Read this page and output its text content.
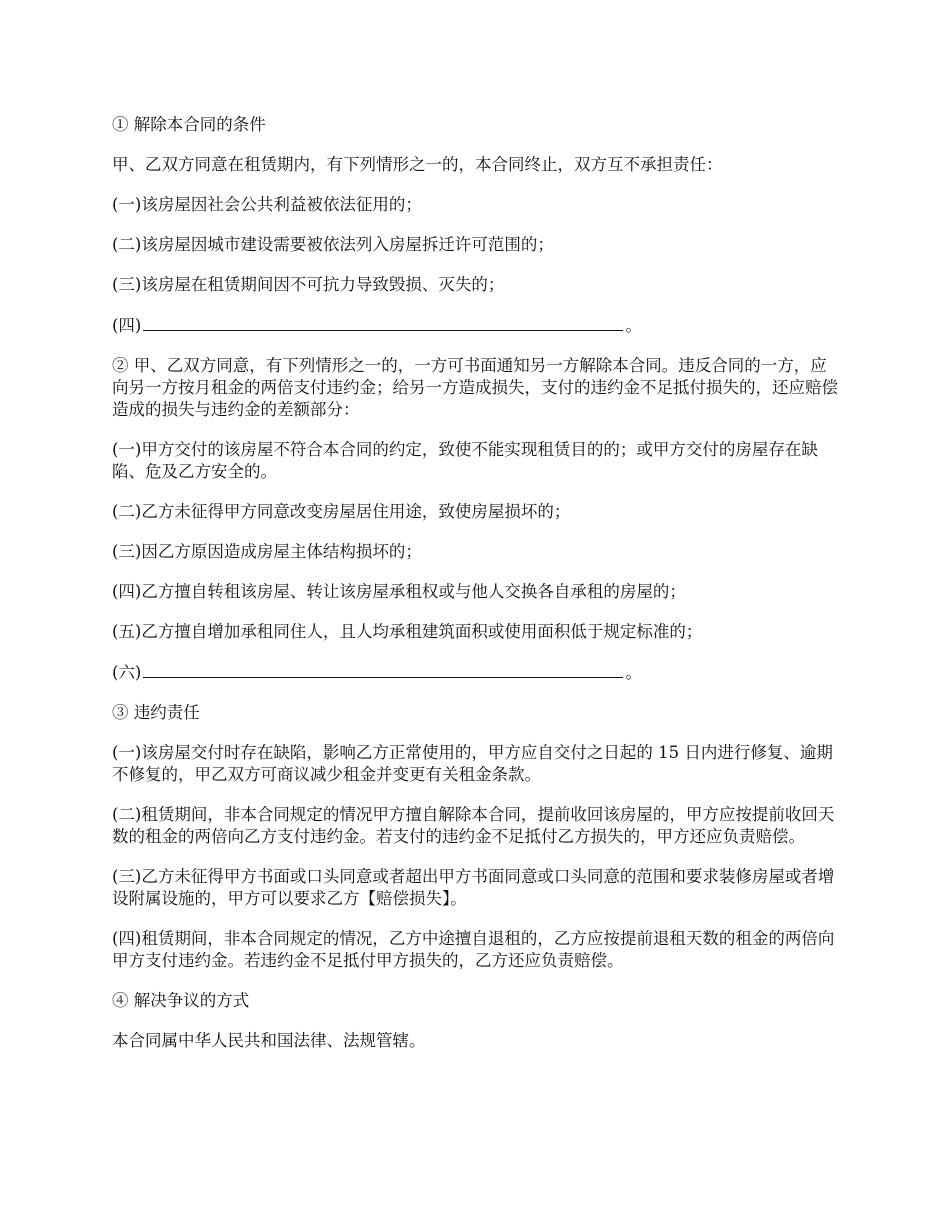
① 解除本合同的条件

甲、乙双方同意在租赁期内，有下列情形之一的，本合同终止，双方互不承担责任：

(一)该房屋因社会公共利益被依法征用的；

(二)该房屋因城市建设需要被依法列入房屋拆迁许可范围的；

(三)该房屋在租赁期间因不可抗力导致毁损、灭失的；

(四)	。

② 甲、乙双方同意，有下列情形之一的，一方可书面通知另一方解除本合同。违反合同的一方，应向另一方按月租金的两倍支付违约金；给另一方造成损失，支付的违约金不足抵付损失的，还应赔偿造成的损失与违约金的差额部分：

(一)甲方交付的该房屋不符合本合同的约定，致使不能实现租赁目的的；或甲方交付的房屋存在缺陷、危及乙方安全的。

(二)乙方未征得甲方同意改变房屋居住用途，致使房屋损坏的；

(三)因乙方原因造成房屋主体结构损坏的；

(四)乙方擅自转租该房屋、转让该房屋承租权或与他人交换各自承租的房屋的；

(五)乙方擅自增加承租同住人，且人均承租建筑面积或使用面积低于规定标准的；

(六)	。

③ 违约责任

(一)该房屋交付时存在缺陷，影响乙方正常使用的，甲方应自交付之日起的 15 日内进行修复、逾期不修复的，甲乙双方可商议减少租金并变更有关租金条款。

(二)租赁期间，非本合同规定的情况甲方擅自解除本合同，提前收回该房屋的，甲方应按提前收回天数的租金的两倍向乙方支付违约金。若支付的违约金不足抵付乙方损失的，甲方还应负责赔偿。

(三)乙方未征得甲方书面或口头同意或者超出甲方书面同意或口头同意的范围和要求装修房屋或者增设附属设施的，甲方可以要求乙方【赔偿损失】。

(四)租赁期间，非本合同规定的情况，乙方中途擅自退租的，乙方应按提前退租天数的租金的两倍向甲方支付违约金。若违约金不足抵付甲方损失的，乙方还应负责赔偿。

④ 解决争议的方式

本合同属中华人民共和国法律、法规管辖。
